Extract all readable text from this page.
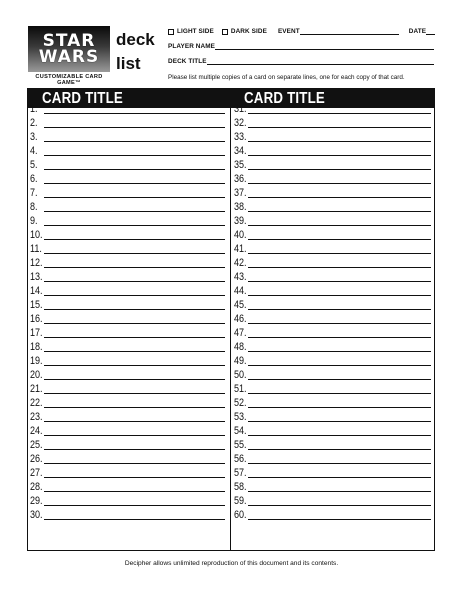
STAR
WARS
CUSTOMIZABLE CARD GAME™
deck
list
LIGHT SIDE	DARK SIDE EVENT	DATE
PLAYER NAME
DECK TITLE
Please list multiple copies of a card on separate lines, one for each copy of that card.
CARD TITLE	CARD TITLE
1.
2.
3.
4.
5.
6.
7.
8.
9.
10.
11.
12.
13.
14.
15.
16.
17.
18.
19.
20.
21.
22.
23.
24.
25.
26.
27.
28.
29.
30.
31.
32.
33.
34.
35.
36.
37.
38.
39.
40.
41.
42.
43.
44.
45.
46.
47.
48.
49.
50.
51.
52.
53.
54.
55.
56.
57.
58.
59.
60.
Decipher allows unlimited reproduction of this document and its contents.
